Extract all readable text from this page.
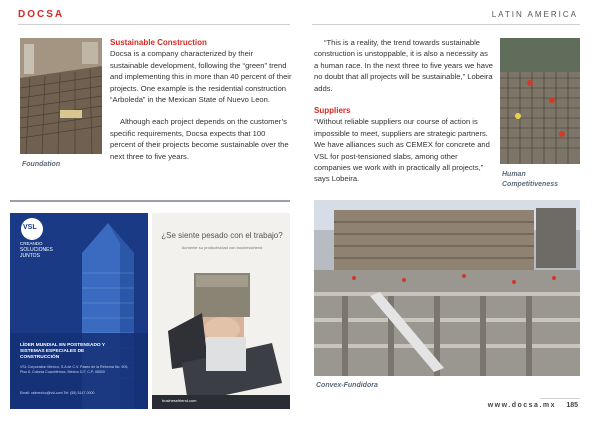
DOCSA	LATIN AMERICA
Foundation
Sustainable Construction

Docsa is a company characterized by their sustainable development, following the “green” trend and implementing this in more than 40 percent of their projects. One example is the residential construction “Arboleda” in the Mexican State of Nuevo Leon.

Although each project depends on the customer’s specific requirements, Docsa expects that 100 percent of their projects become sustainable over the next three to five years.

“This is a reality, the trend towards sustainable construction is unstoppable, it is also a necessity as a human race. In the next three to five years we have no doubt that all projects will be sustainable,” Lobeira adds.

Suppliers

“Without reliable suppliers our course of action is impossible to meet, suppliers are strategic partners. We have alliances such as CEMEX for concrete and VSL for post-tensioned slabs, among other companies we work with in practically all projects,” says Lobeira.	Human Competitiveness
VSL
CREANDO
SOLUCIONES
JUNTOS
LÍDER MUNDIAL EN POSTENSADO Y SISTEMAS ESPECIALES DE CONSTRUCCIÓN
VSL Corporation México, S.A de C.V. Paseo de la Reforma No. 505, Piso 8, Colonia Cuauhtémoc, México D.F. C.P. 06500
Email: vslmexico@vsl.com Tel: (55) 5147 0000
¿Se siente pesado con el trabajo?
Aumente su productividad con businessfriend
businessfriend.com
Convex-Fundidora
www.docsa.mx 185
